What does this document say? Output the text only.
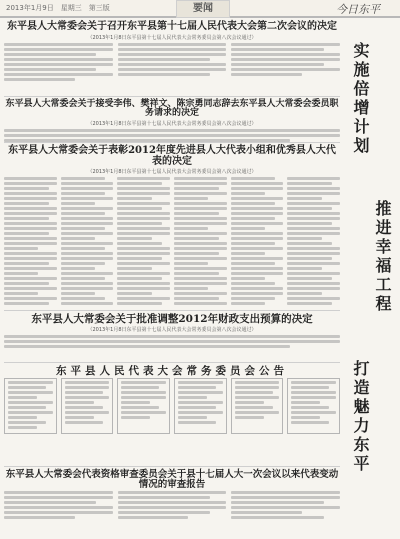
2013年1月9日　星期三　第三版	要闻	今日东平
东平县人大常委会关于召开东平县第十七届人民代表大会第二次会议的决定
（2013年1月8日东平县第十七届人民代表大会常务委员会第八次会议通过）
东平县人大常委会关于接受李伟、樊祥文、陈宗勇同志辞去东平县人大常委会委员职务请求的决定
（2013年1月8日东平县第十七届人民代表大会常务委员会第八次会议通过）
东平县人大常委会关于表彰2012年度先进县人大代表小组和优秀县人大代表的决定
（2013年1月8日东平县第十七届人民代表大会常务委员会第八次会议通过）
东平县人大常委会关于批准调整2012年财政支出预算的决定
（2013年1月8日东平县第十七届人民代表大会常务委员会第八次会议通过）
东平县人民代表大会常务委员会公告
东平县人大常委会代表资格审查委员会关于县十七届人大一次会议以来代表变动情况的审查报告
实施倍增计划
推进幸福工程
打造魅力东平
